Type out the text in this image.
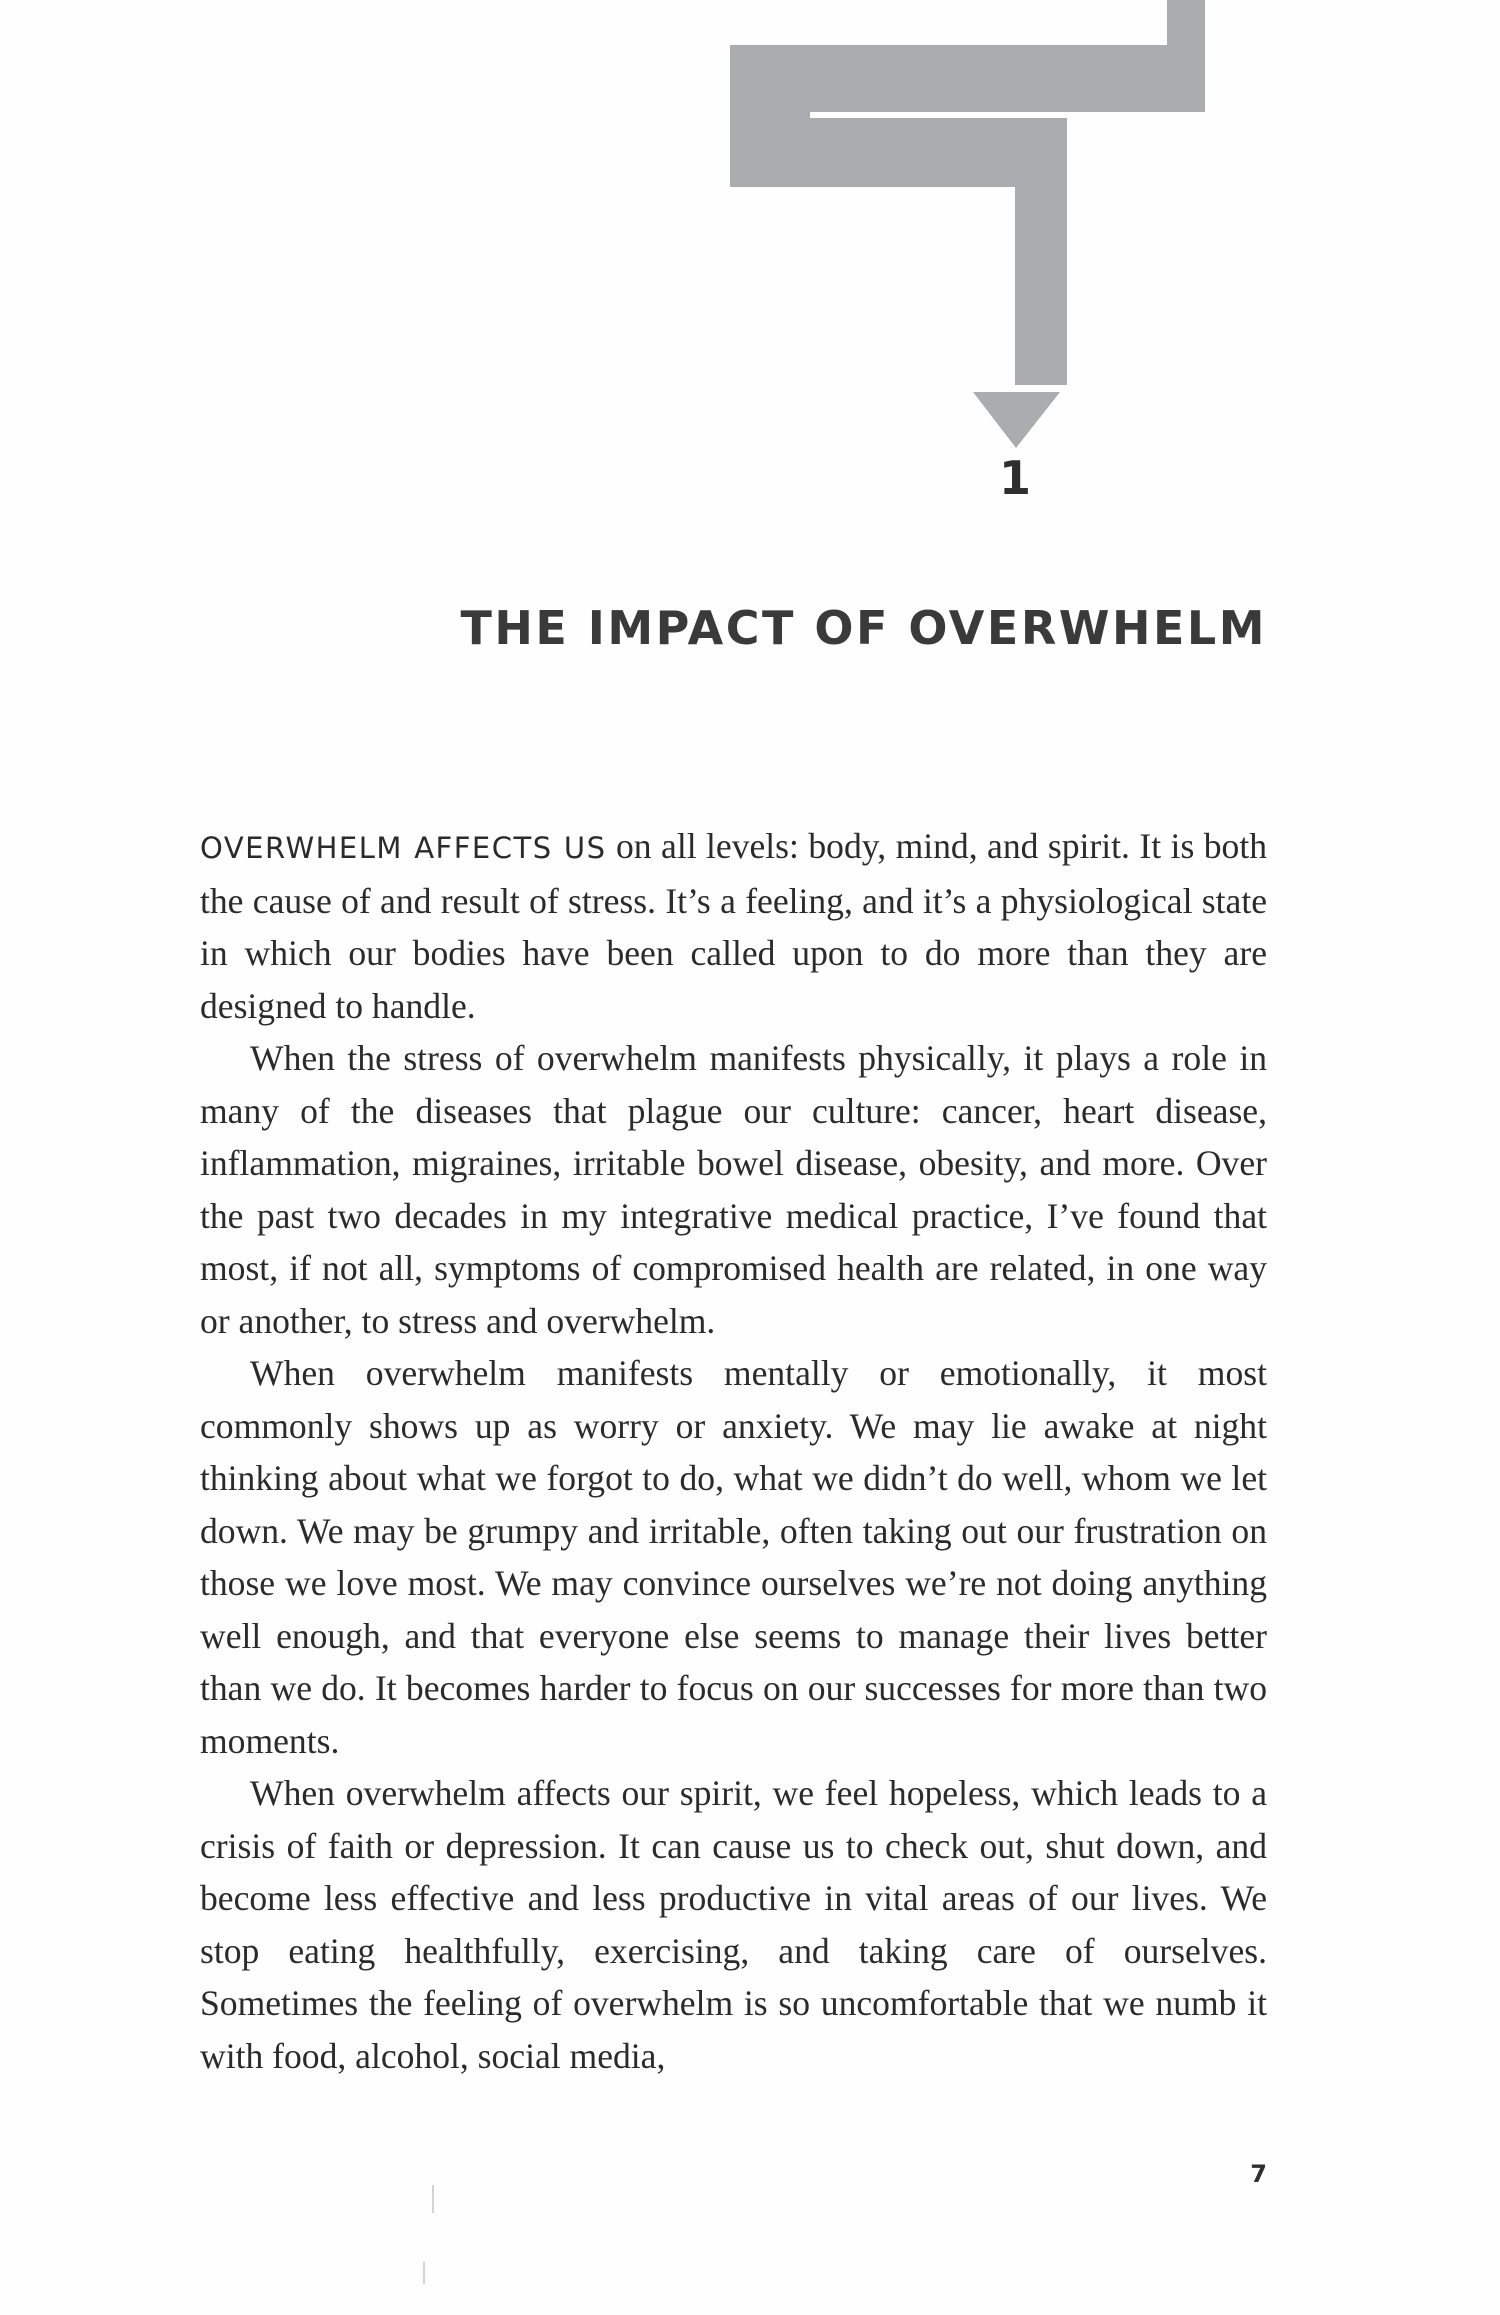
1
THE IMPACT OF OVERWHELM

OVERWHELM AFFECTS US on all levels: body, mind, and spirit. It is both the cause of and result of stress. It’s a feeling, and it’s a physiological state in which our bodies have been called upon to do more than they are designed to handle.

When the stress of overwhelm manifests physically, it plays a role in many of the diseases that plague our culture: cancer, heart disease, inflammation, migraines, irritable bowel disease, obesity, and more. Over the past two decades in my integrative medical practice, I’ve found that most, if not all, symptoms of compromised health are related, in one way or another, to stress and overwhelm.

When overwhelm manifests mentally or emotionally, it most commonly shows up as worry or anxiety. We may lie awake at night thinking about what we forgot to do, what we didn’t do well, whom we let down. We may be grumpy and irritable, often taking out our frustration on those we love most. We may convince ourselves we’re not doing anything well enough, and that everyone else seems to manage their lives better than we do. It becomes harder to focus on our successes for more than two moments.

When overwhelm affects our spirit, we feel hopeless, which leads to a crisis of faith or depression. It can cause us to check out, shut down, and become less effective and less productive in vital areas of our lives. We stop eating healthfully, exercising, and taking care of ourselves. Sometimes the feeling of overwhelm is so uncomfortable that we numb it with food, alcohol, social media,

7
